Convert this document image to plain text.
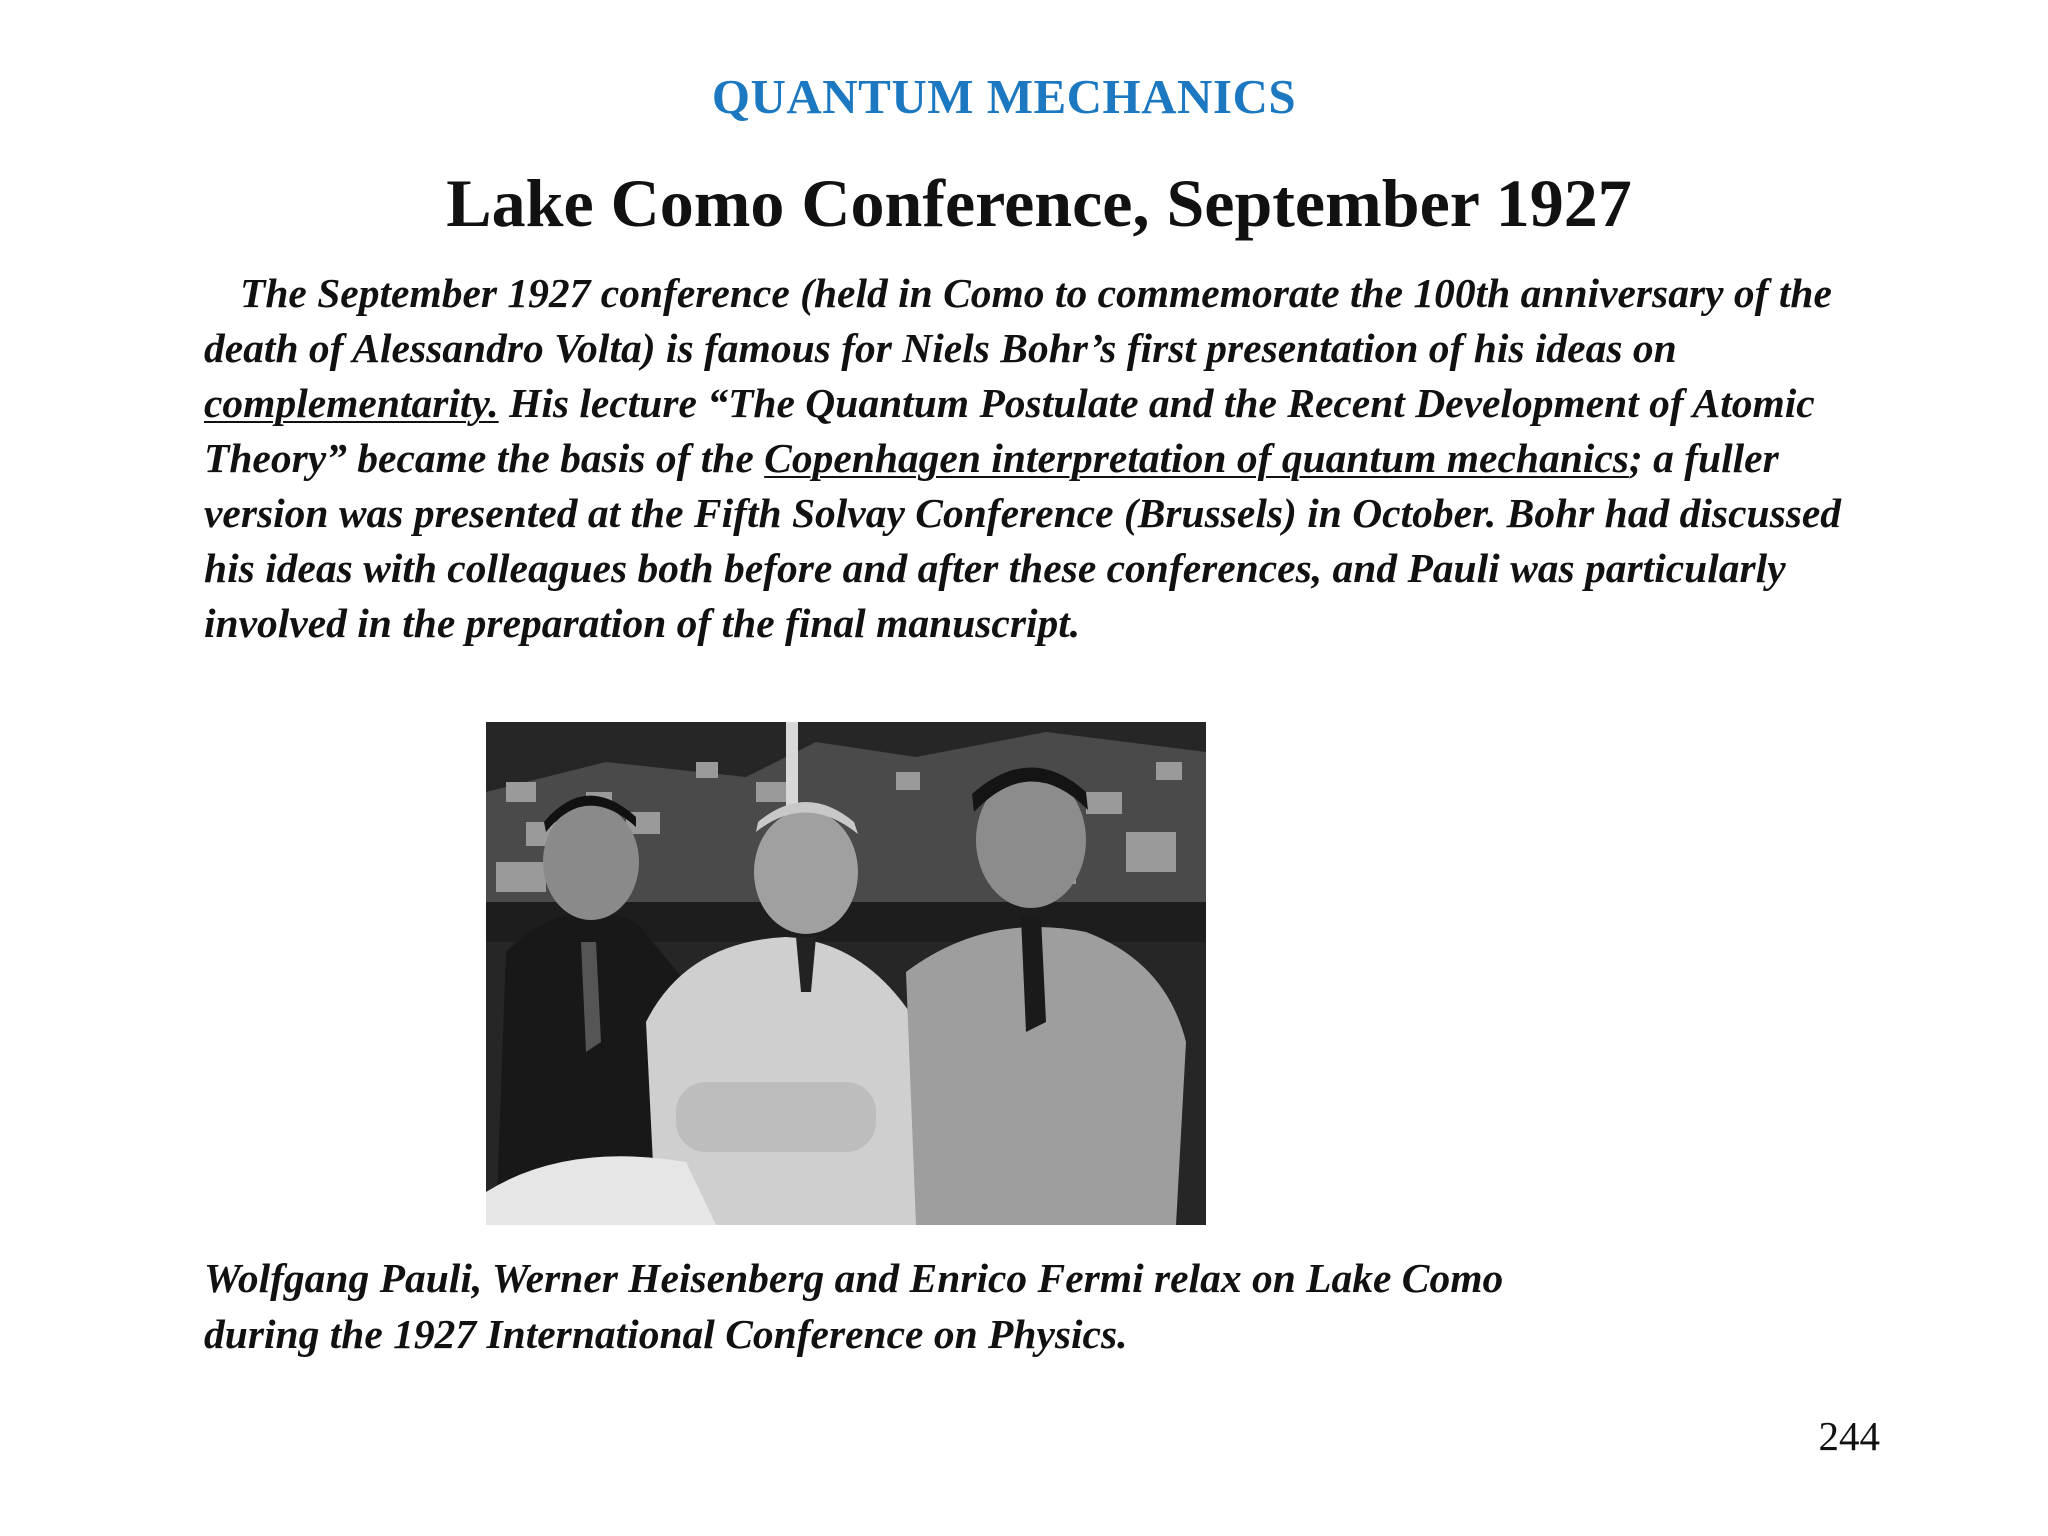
QUANTUM MECHANICS
Lake Como Conference, September 1927
The September 1927 conference (held in Como to commemorate the 100th anniversary of the death of Alessandro Volta) is famous for Niels Bohr’s first presentation of his ideas on complementarity. His lecture “The Quantum Postulate and the Recent Development of Atomic Theory” became the basis of the Copenhagen interpretation of quantum mechanics; a fuller version was presented at the Fifth Solvay Conference (Brussels) in October. Bohr had discussed his ideas with colleagues both before and after these conferences, and Pauli was particularly involved in the preparation of the final manuscript.
Wolfgang Pauli, Werner Heisenberg and Enrico Fermi relax on Lake Como
during the 1927 International Conference on Physics.
244
